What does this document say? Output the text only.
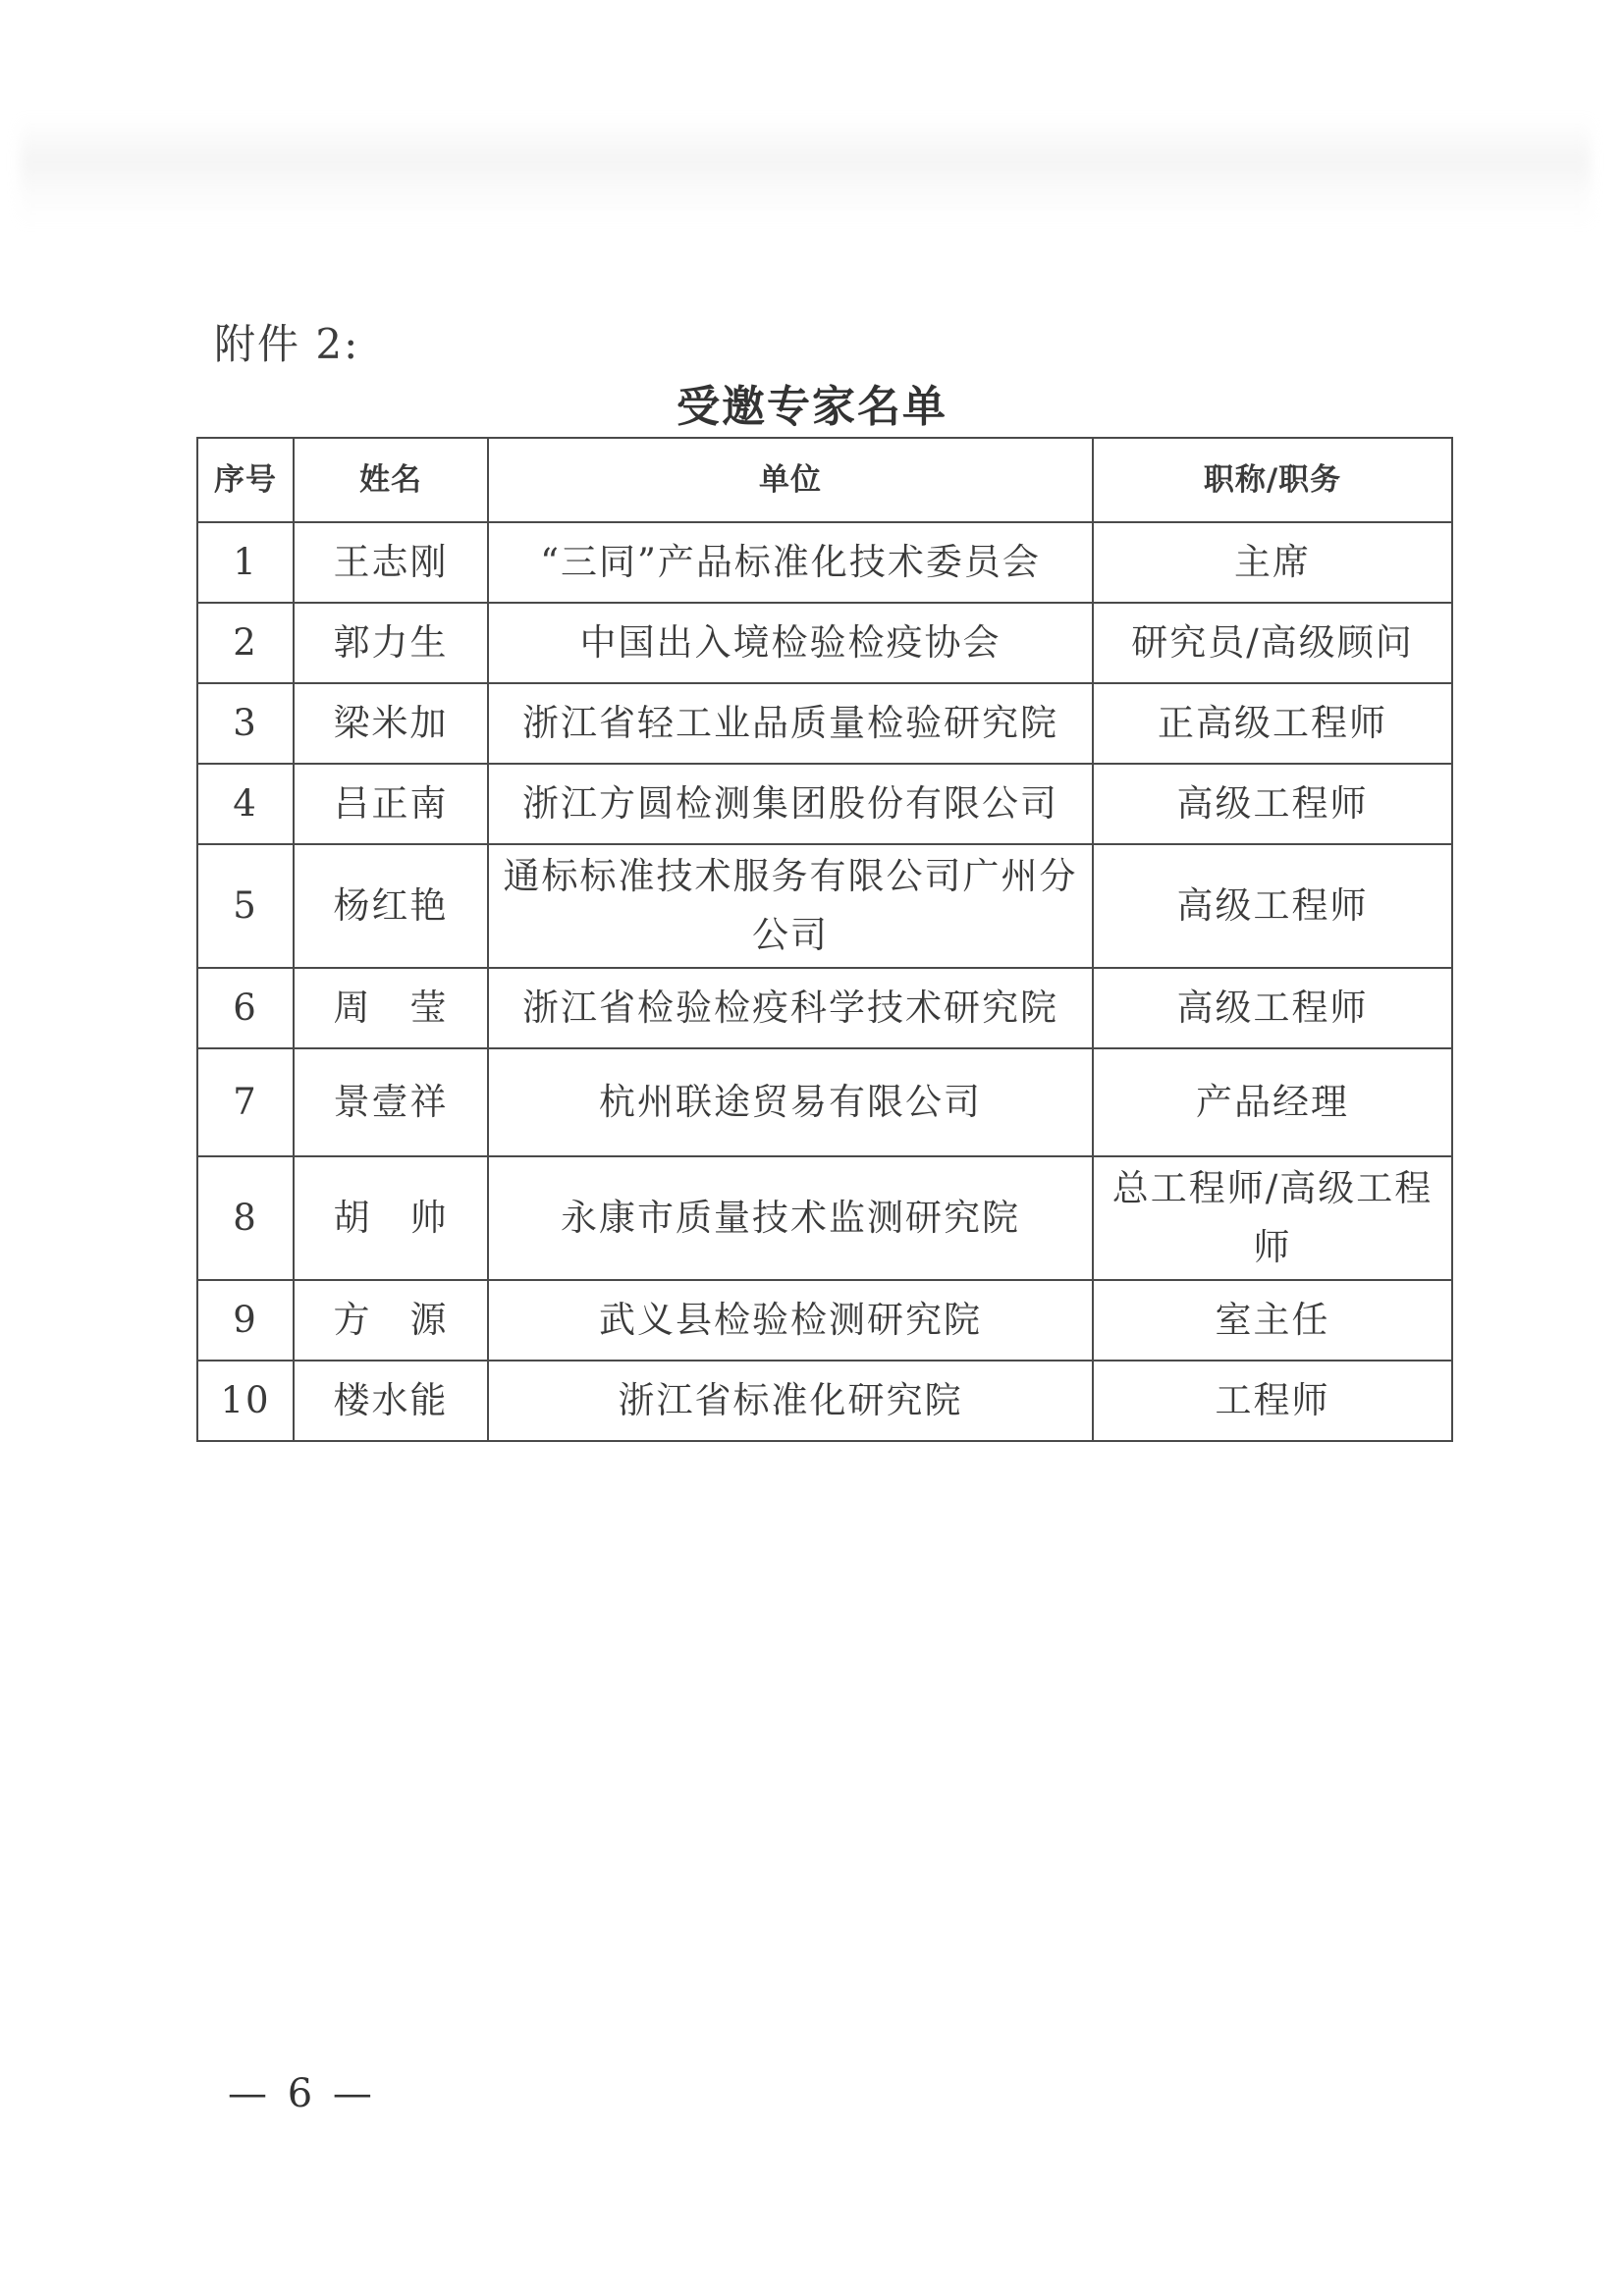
附件 2:
受邀专家名单
序号	姓名	单位	职称/职务
1	王志刚	“三同”产品标准化技术委员会	主席
2	郭力生	中国出入境检验检疫协会	研究员/高级顾问
3	梁米加	浙江省轻工业品质量检验研究院	正高级工程师
4	吕正南	浙江方圆检测集团股份有限公司	高级工程师
5	杨红艳	通标标准技术服务有限公司广州分公司	高级工程师
6	周　莹	浙江省检验检疫科学技术研究院	高级工程师
7	景壹祥	杭州联途贸易有限公司	产品经理
8	胡　帅	永康市质量技术监测研究院	总工程师/高级工程师
9	方　源	武义县检验检测研究院	室主任
10	楼水能	浙江省标准化研究院	工程师
— 6 —
